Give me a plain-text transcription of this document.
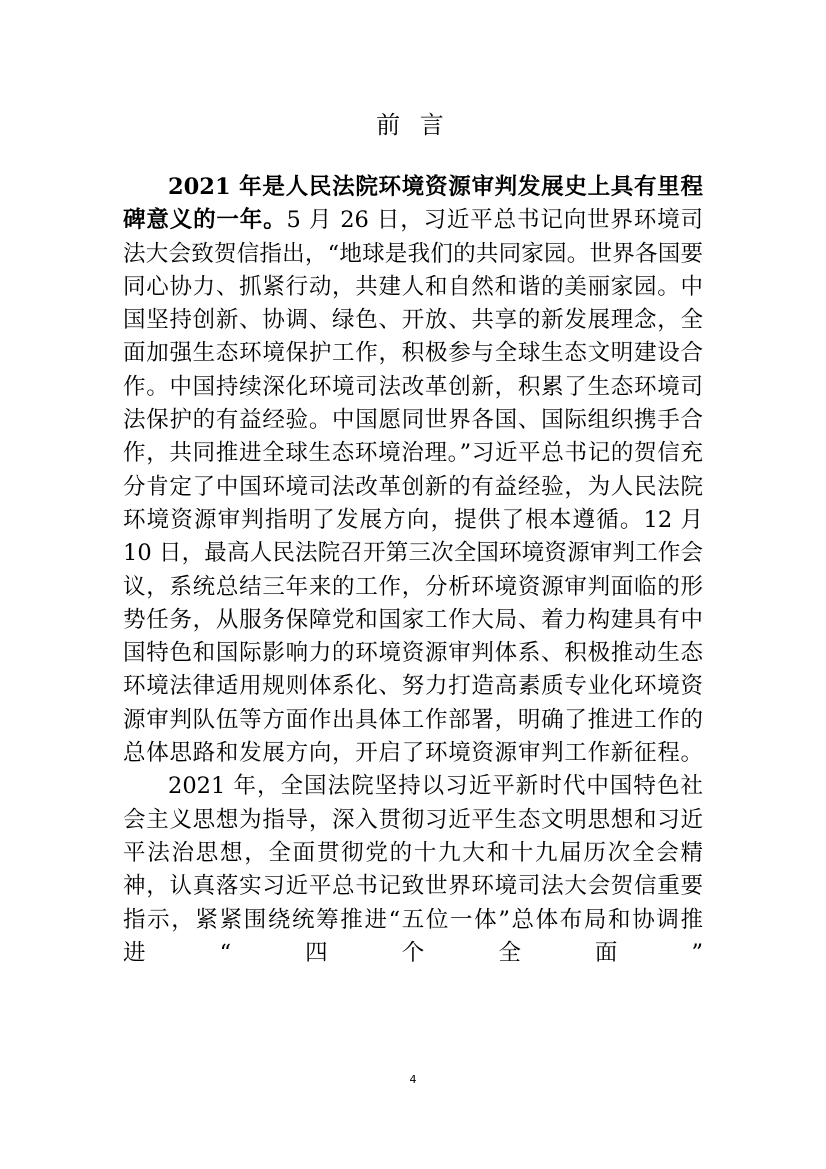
前 言

2021 年是人民法院环境资源审判发展史上具有里程碑意义的一年。5 月 26 日，习近平总书记向世界环境司法大会致贺信指出，“地球是我们的共同家园。世界各国要同心协力、抓紧行动，共建人和自然和谐的美丽家园。中国坚持创新、协调、绿色、开放、共享的新发展理念，全面加强生态环境保护工作，积极参与全球生态文明建设合作。中国持续深化环境司法改革创新，积累了生态环境司法保护的有益经验。中国愿同世界各国、国际组织携手合作，共同推进全球生态环境治理。”习近平总书记的贺信充分肯定了中国环境司法改革创新的有益经验，为人民法院环境资源审判指明了发展方向，提供了根本遵循。12 月 10 日，最高人民法院召开第三次全国环境资源审判工作会议，系统总结三年来的工作，分析环境资源审判面临的形势任务，从服务保障党和国家工作大局、着力构建具有中国特色和国际影响力的环境资源审判体系、积极推动生态环境法律适用规则体系化、努力打造高素质专业化环境资源审判队伍等方面作出具体工作部署，明确了推进工作的总体思路和发展方向，开启了环境资源审判工作新征程。

2021 年，全国法院坚持以习近平新时代中国特色社会主义思想为指导，深入贯彻习近平生态文明思想和习近平法治思想，全面贯彻党的十九大和十九届历次全会精神，认真落实习近平总书记致世界环境司法大会贺信重要指示，紧紧围绕统筹推进“五位一体”总体布局和协调推进“四个全面”

4
